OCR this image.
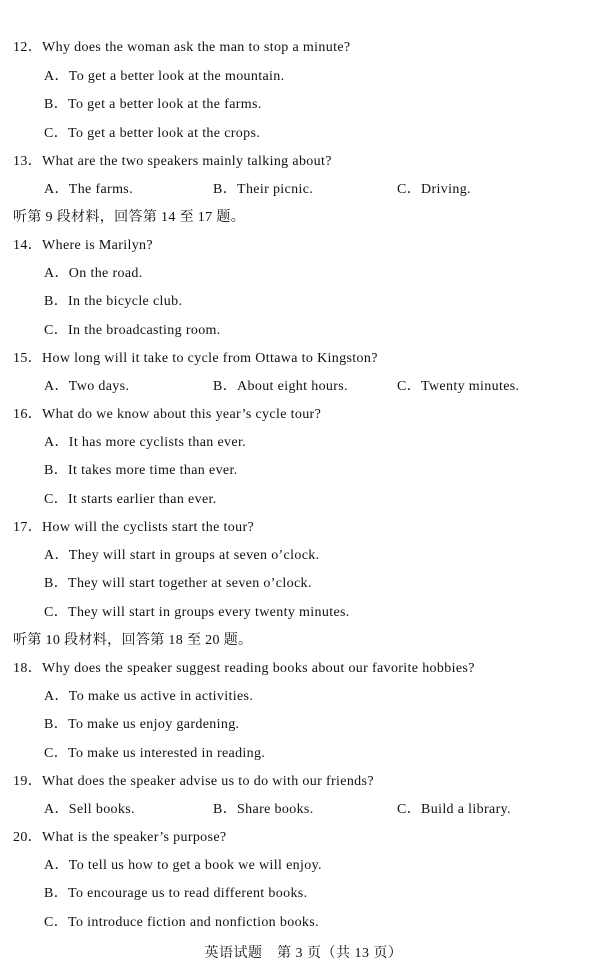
12．Why does the woman ask the man to stop a minute?
A．To get a better look at the mountain.
B．To get a better look at the farms.
C．To get a better look at the crops.
13．What are the two speakers mainly talking about?
A．The farms.	B．Their picnic.	C．Driving.
听第 9 段材料，回答第 14 至 17 题。
14．Where is Marilyn?
A．On the road.
B．In the bicycle club.
C．In the broadcasting room.
15．How long will it take to cycle from Ottawa to Kingston?
A．Two days.	B．About eight hours.	C．Twenty minutes.
16．What do we know about this year’s cycle tour?
A．It has more cyclists than ever.
B．It takes more time than ever.
C．It starts earlier than ever.
17．How will the cyclists start the tour?
A．They will start in groups at seven o’clock.
B．They will start together at seven o’clock.
C．They will start in groups every twenty minutes.
听第 10 段材料，回答第 18 至 20 题。
18．Why does the speaker suggest reading books about our favorite hobbies?
A．To make us active in activities.
B．To make us enjoy gardening.
C．To make us interested in reading.
19．What does the speaker advise us to do with our friends?
A．Sell books.	B．Share books.	C．Build a library.
20．What is the speaker’s purpose?
A．To tell us how to get a book we will enjoy.
B．To encourage us to read different books.
C．To introduce fiction and nonfiction books.
英语试题　第 3 页（共 13 页）
